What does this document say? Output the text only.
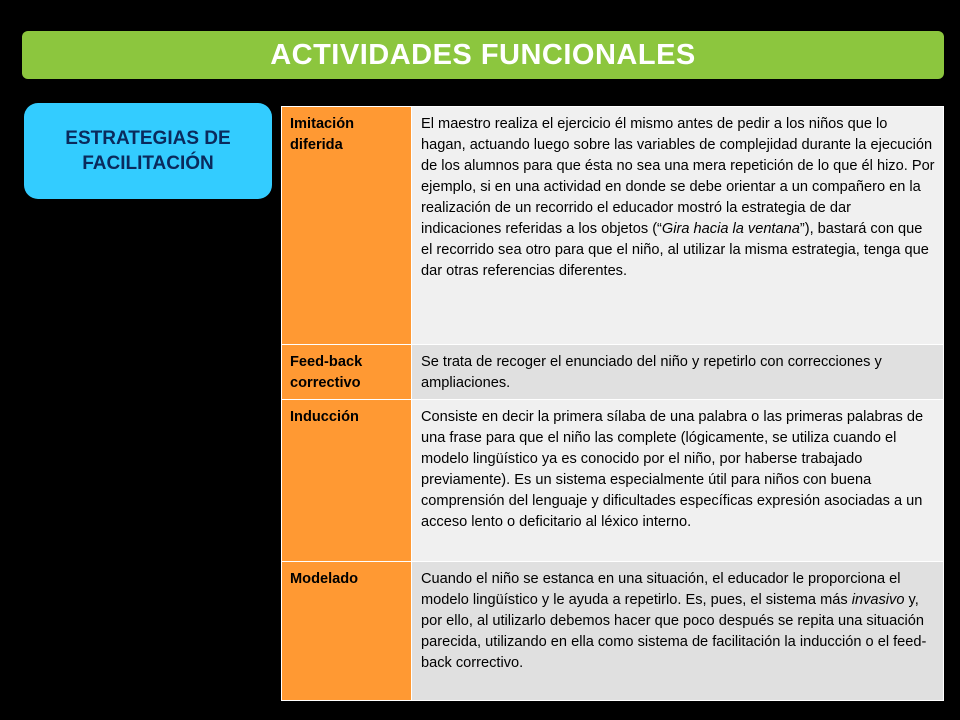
ACTIVIDADES FUNCIONALES
ESTRATEGIAS DE
FACILITACIÓN
Imitación diferida	El maestro realiza el ejercicio él mismo antes de pedir a los niños que lo hagan, actuando luego sobre las variables de complejidad durante la ejecución de los alumnos para que ésta no sea una mera repetición de lo que él hizo. Por ejemplo, si en una actividad en donde se debe orientar a un compañero en la realización de un recorrido el educador mostró la estrategia de dar indicaciones referidas a los objetos (“Gira hacia la ventana”), bastará con que el recorrido sea otro para que el niño, al utilizar la misma estrategia, tenga que dar otras referencias diferentes.
Feed-back correctivo	Se trata de recoger el enunciado del niño y repetirlo con correcciones y ampliaciones.
Inducción	Consiste en decir la primera sílaba de una palabra o las primeras palabras de una frase para que el niño las complete (lógicamente, se utiliza cuando el modelo lingüístico ya es conocido por el niño, por haberse trabajado previamente). Es un sistema especialmente útil para niños con buena comprensión del lenguaje y dificultades específicas expresión asociadas a un acceso lento o deficitario al léxico interno.
Modelado	Cuando el niño se estanca en una situación, el educador le proporciona el modelo lingüístico y le ayuda a repetirlo. Es, pues, el sistema más invasivo y, por ello, al utilizarlo debemos hacer que poco después se repita una situación parecida, utilizando en ella como sistema de facilitación la inducción o el feed-back correctivo.
